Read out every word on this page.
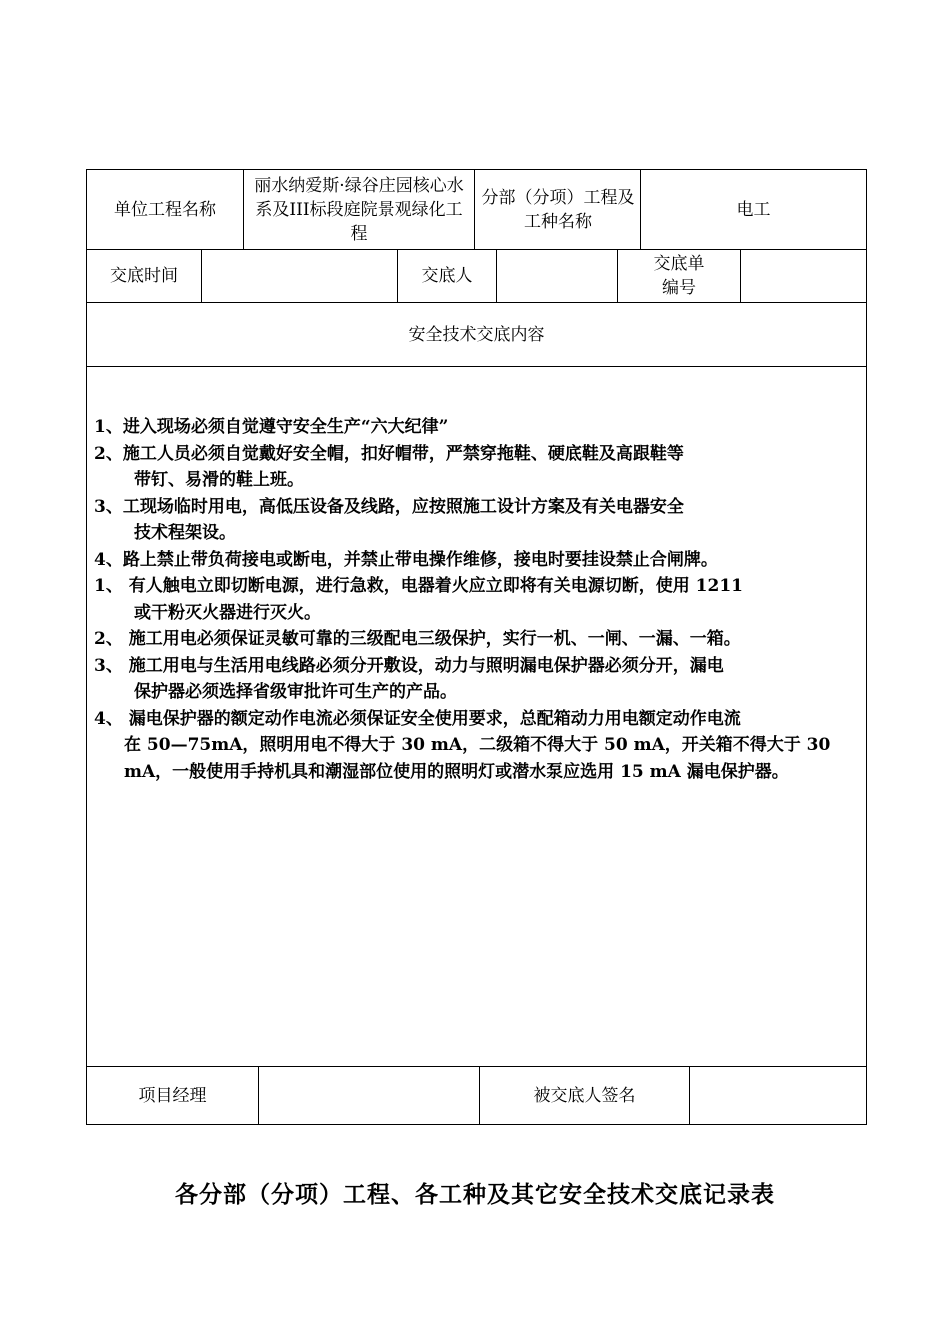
单位工程名称
丽水纳爱斯·绿谷庄园核心水系及III标段庭院景观绿化工程
分部（分项）工程及工种名称
电工
交底时间	交底人
交底单编号
安全技术交底内容
1、进入现场必须自觉遵守安全生产“六大纪律”
2、施工人员必须自觉戴好安全帽，扣好帽带，严禁穿拖鞋、硬底鞋及高跟鞋等
带钉、易滑的鞋上班。
3、工现场临时用电，高低压设备及线路，应按照施工设计方案及有关电器安全
技术程架设。
4、路上禁止带负荷接电或断电，并禁止带电操作维修，接电时要挂设禁止合闸牌。
1、 有人触电立即切断电源，进行急救，电器着火应立即将有关电源切断，使用 1211
或干粉灭火器进行灭火。
2、 施工用电必须保证灵敏可靠的三级配电三级保护，实行一机、一闸、一漏、一箱。
3、 施工用电与生活用电线路必须分开敷设，动力与照明漏电保护器必须分开，漏电
保护器必须选择省级审批许可生产的产品。
4、 漏电保护器的额定动作电流必须保证安全使用要求，总配箱动力用电额定动作电流
在 50—75mA，照明用电不得大于 30 mA，二级箱不得大于 50 mA，开关箱不得大于 30
mA，一般使用手持机具和潮湿部位使用的照明灯或潜水泵应选用 15 mA 漏电保护器。
项目经理	被交底人签名
各分部（分项）工程、各工种及其它安全技术交底记录表
